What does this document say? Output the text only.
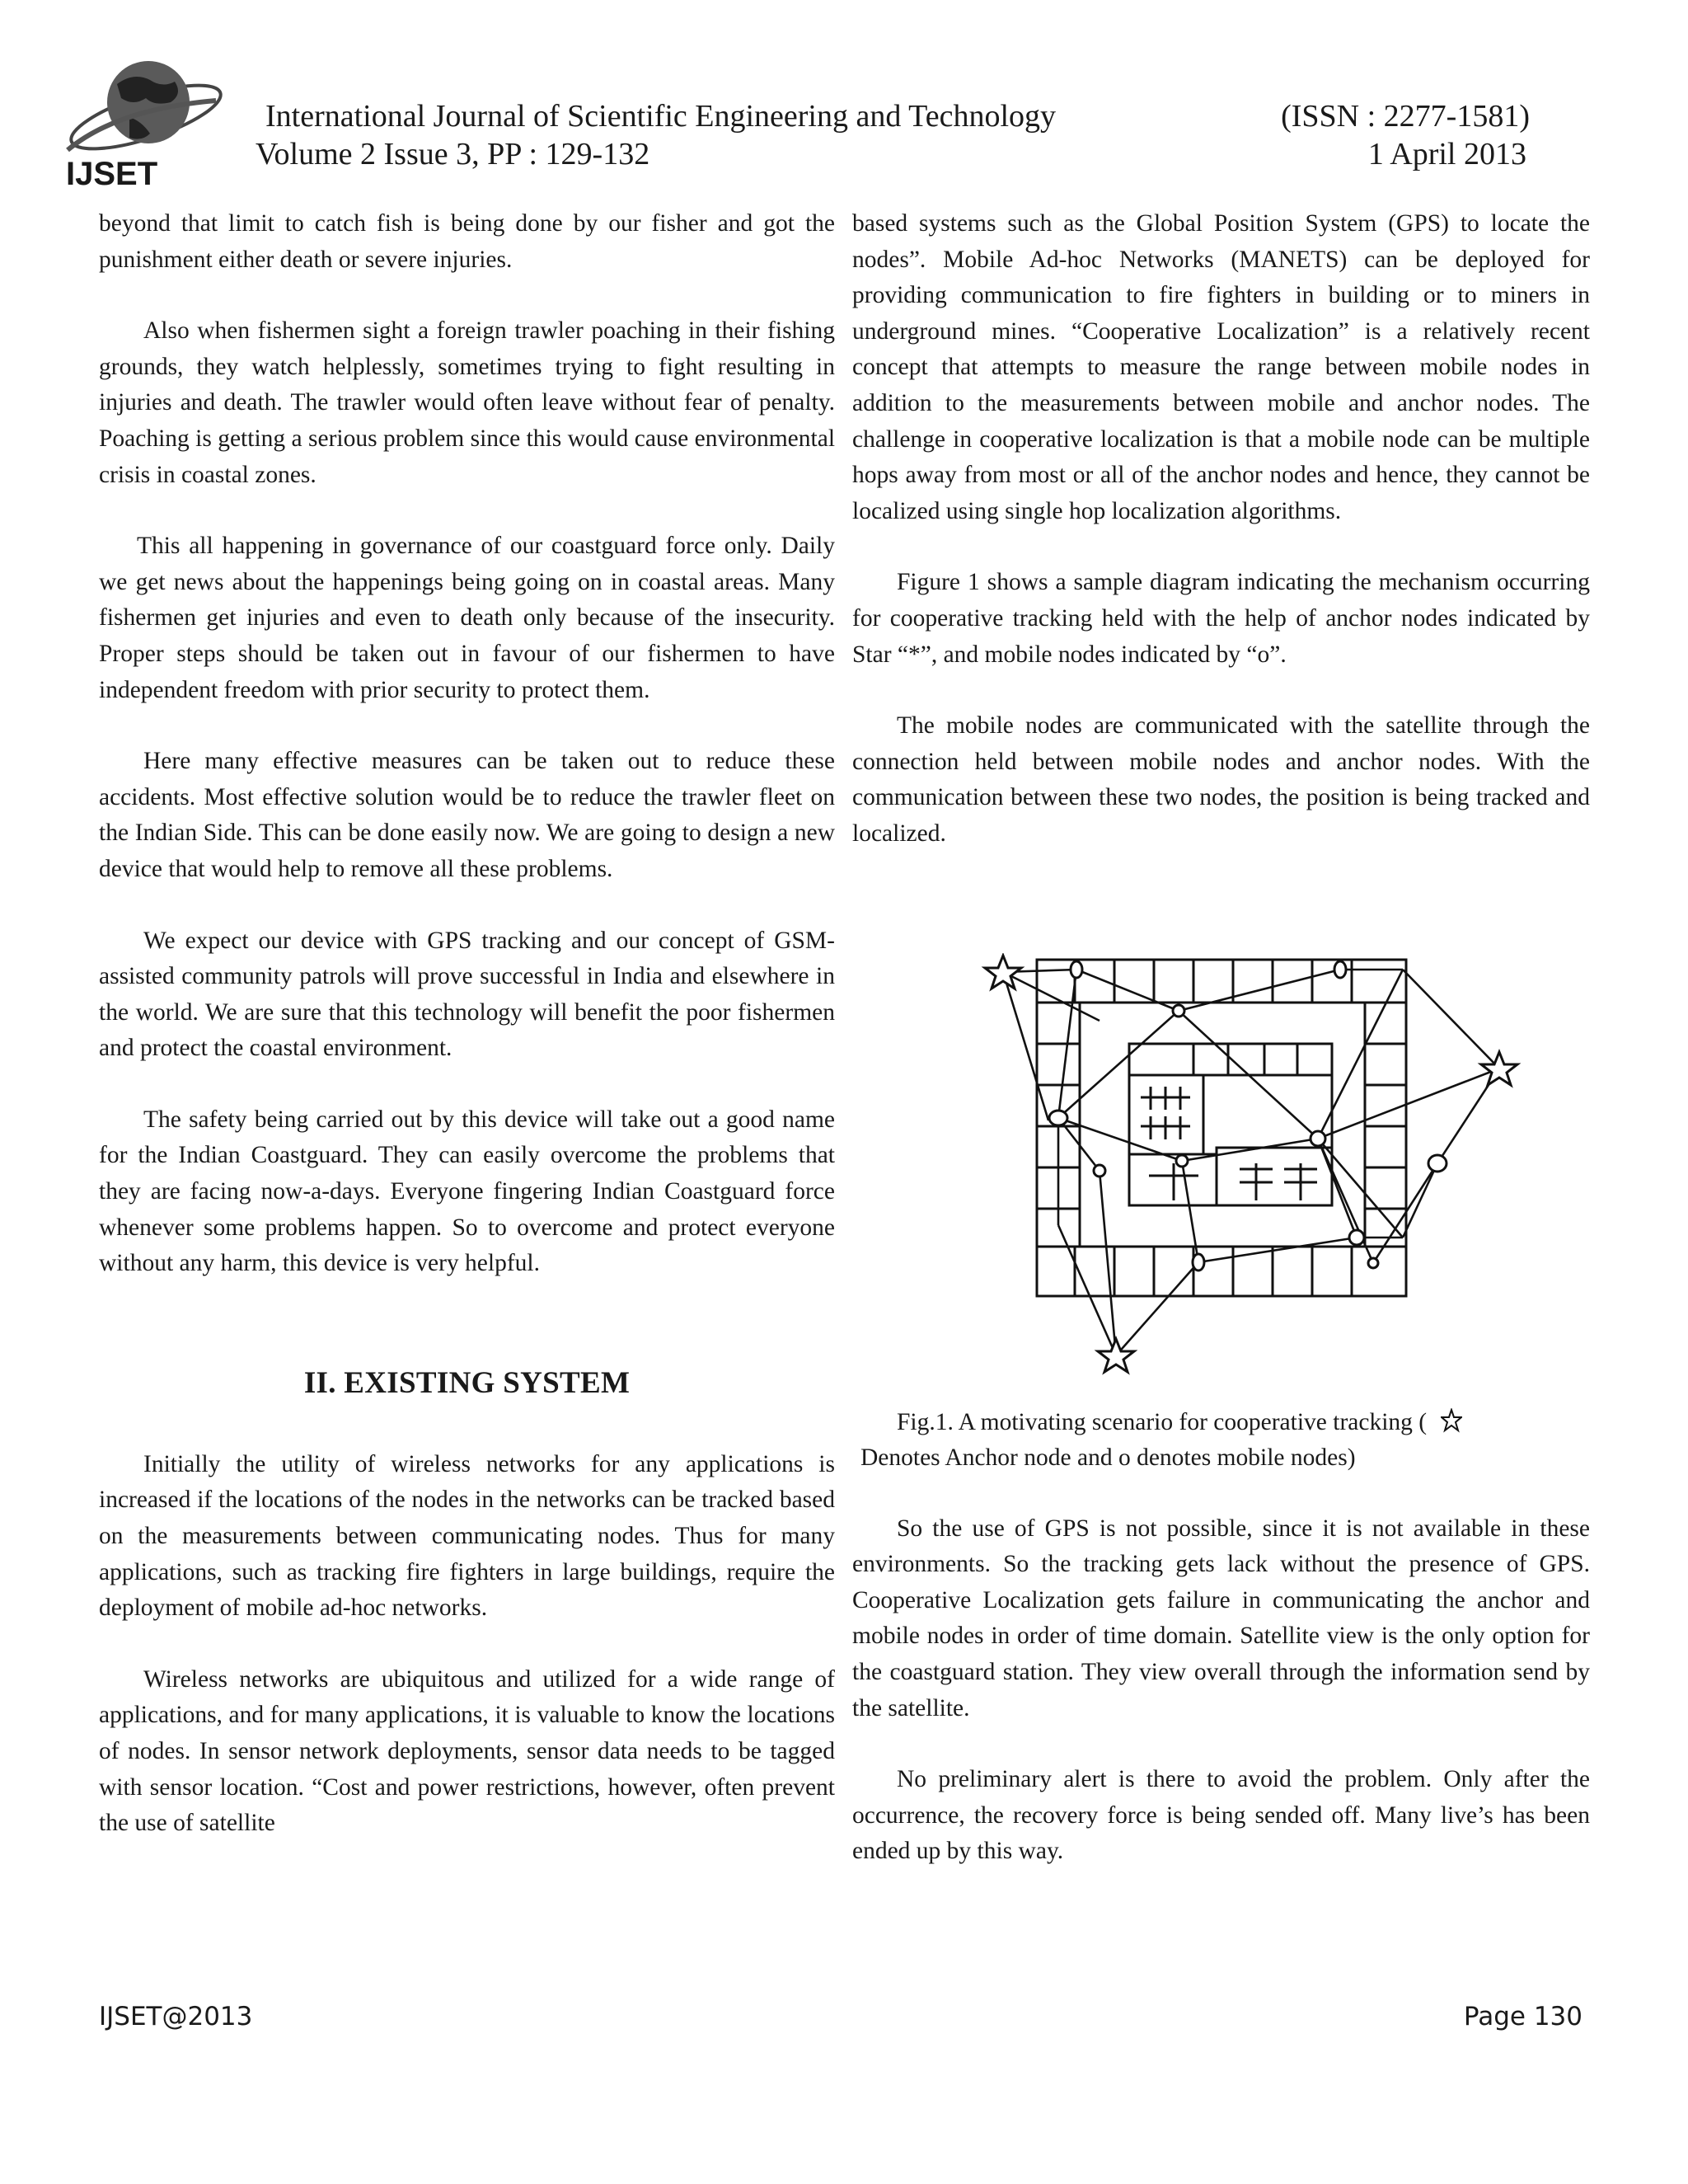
IJSET
International Journal of Scientific Engineering and Technology	(ISSN : 2277-1581)
Volume 2 Issue 3, PP : 129-132	1 April 2013

beyond that limit to catch fish is being done by our fisher and got the punishment either death or severe injuries.

Also when fishermen sight a foreign trawler poaching in their fishing grounds, they watch helplessly, sometimes trying to fight resulting in injuries and death. The trawler would often leave without fear of penalty. Poaching is getting a serious problem since this would cause environmental crisis in coastal zones.

This all happening in governance of our coastguard force only. Daily we get news about the happenings being going on in coastal areas. Many fishermen get injuries and even to death only because of the insecurity. Proper steps should be taken out in favour of our fishermen to have independent freedom with prior security to protect them.

Here many effective measures can be taken out to reduce these accidents. Most effective solution would be to reduce the trawler fleet on the Indian Side. This can be done easily now. We are going to design a new device that would help to remove all these problems.

We expect our device with GPS tracking and our concept of GSM-assisted community patrols will prove successful in India and elsewhere in the world. We are sure that this technology will benefit the poor fishermen and protect the coastal environment.

The safety being carried out by this device will take out a good name for the Indian Coastguard. They can easily overcome the problems that they are facing now-a-days. Everyone fingering Indian Coastguard force whenever some problems happen. So to overcome and protect everyone without any harm, this device is very helpful.

II. EXISTING SYSTEM

Initially the utility of wireless networks for any applications is increased if the locations of the nodes in the networks can be tracked based on the measurements between communicating nodes. Thus for many applications, such as tracking fire fighters in large buildings, require the deployment of mobile ad-hoc networks.

Wireless networks are ubiquitous and utilized for a wide range of applications, and for many applications, it is valuable to know the locations of nodes. In sensor network deployments, sensor data needs to be tagged with sensor location. “Cost and power restrictions, however, often prevent the use of satellite

based systems such as the Global Position System (GPS) to locate the nodes”. Mobile Ad-hoc Networks (MANETS) can be deployed for providing communication to fire fighters in building or to miners in underground mines. “Cooperative Localization” is a relatively recent concept that attempts to measure the range between mobile nodes in addition to the measurements between mobile and anchor nodes. The challenge in cooperative localization is that a mobile node can be multiple hops away from most or all of the anchor nodes and hence, they cannot be localized using single hop localization algorithms.

Figure 1 shows a sample diagram indicating the mechanism occurring for cooperative tracking held with the help of anchor nodes indicated by Star “*”, and mobile nodes indicated by “o”.

The mobile nodes are communicated with the satellite through the connection held between mobile nodes and anchor nodes. With the communication between these two nodes, the position is being tracked and localized.

Fig.1. A motivating scenario for cooperative tracking (

Denotes Anchor node and o denotes mobile nodes)

So the use of GPS is not possible, since it is not available in these environments. So the tracking gets lack without the presence of GPS. Cooperative Localization gets failure in communicating the anchor and mobile nodes in order of time domain. Satellite view is the only option for the coastguard station. They view overall through the information send by the satellite.

No preliminary alert is there to avoid the problem. Only after the occurrence, the recovery force is being sended off. Many live’s has been ended up by this way.

IJSET@2013	Page 130
